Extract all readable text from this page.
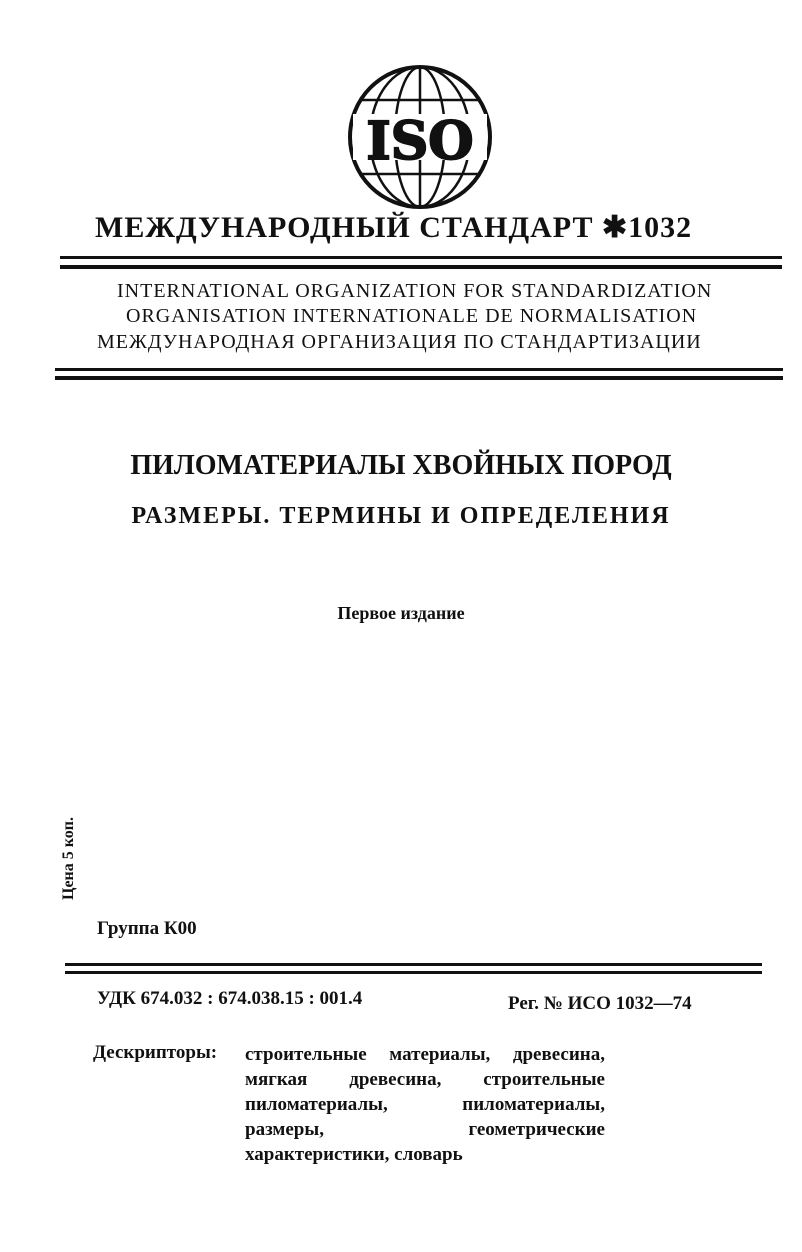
ISO
МЕЖДУНАРОДНЫЙ СТАНДАРТ ✱1032
INTERNATIONAL ORGANIZATION FOR STANDARDIZATION
ORGANISATION INTERNATIONALE DE NORMALISATION
МЕЖДУНАРОДНАЯ ОРГАНИЗАЦИЯ ПО СТАНДАРТИЗАЦИИ
ПИЛОМАТЕРИАЛЫ ХВОЙНЫХ ПОРОД
РАЗМЕРЫ. ТЕРМИНЫ И ОПРЕДЕЛЕНИЯ
Первое издание
Цена 5 коп.
Группа К00
УДК 674.032 : 674.038.15 : 001.4	Рег. № ИСО 1032—74
Дескрипторы: строительные материалы, древесина, мягкая древесина, строительные пиломатериалы, пиломатериалы, размеры, геометрические характеристики, словарь
